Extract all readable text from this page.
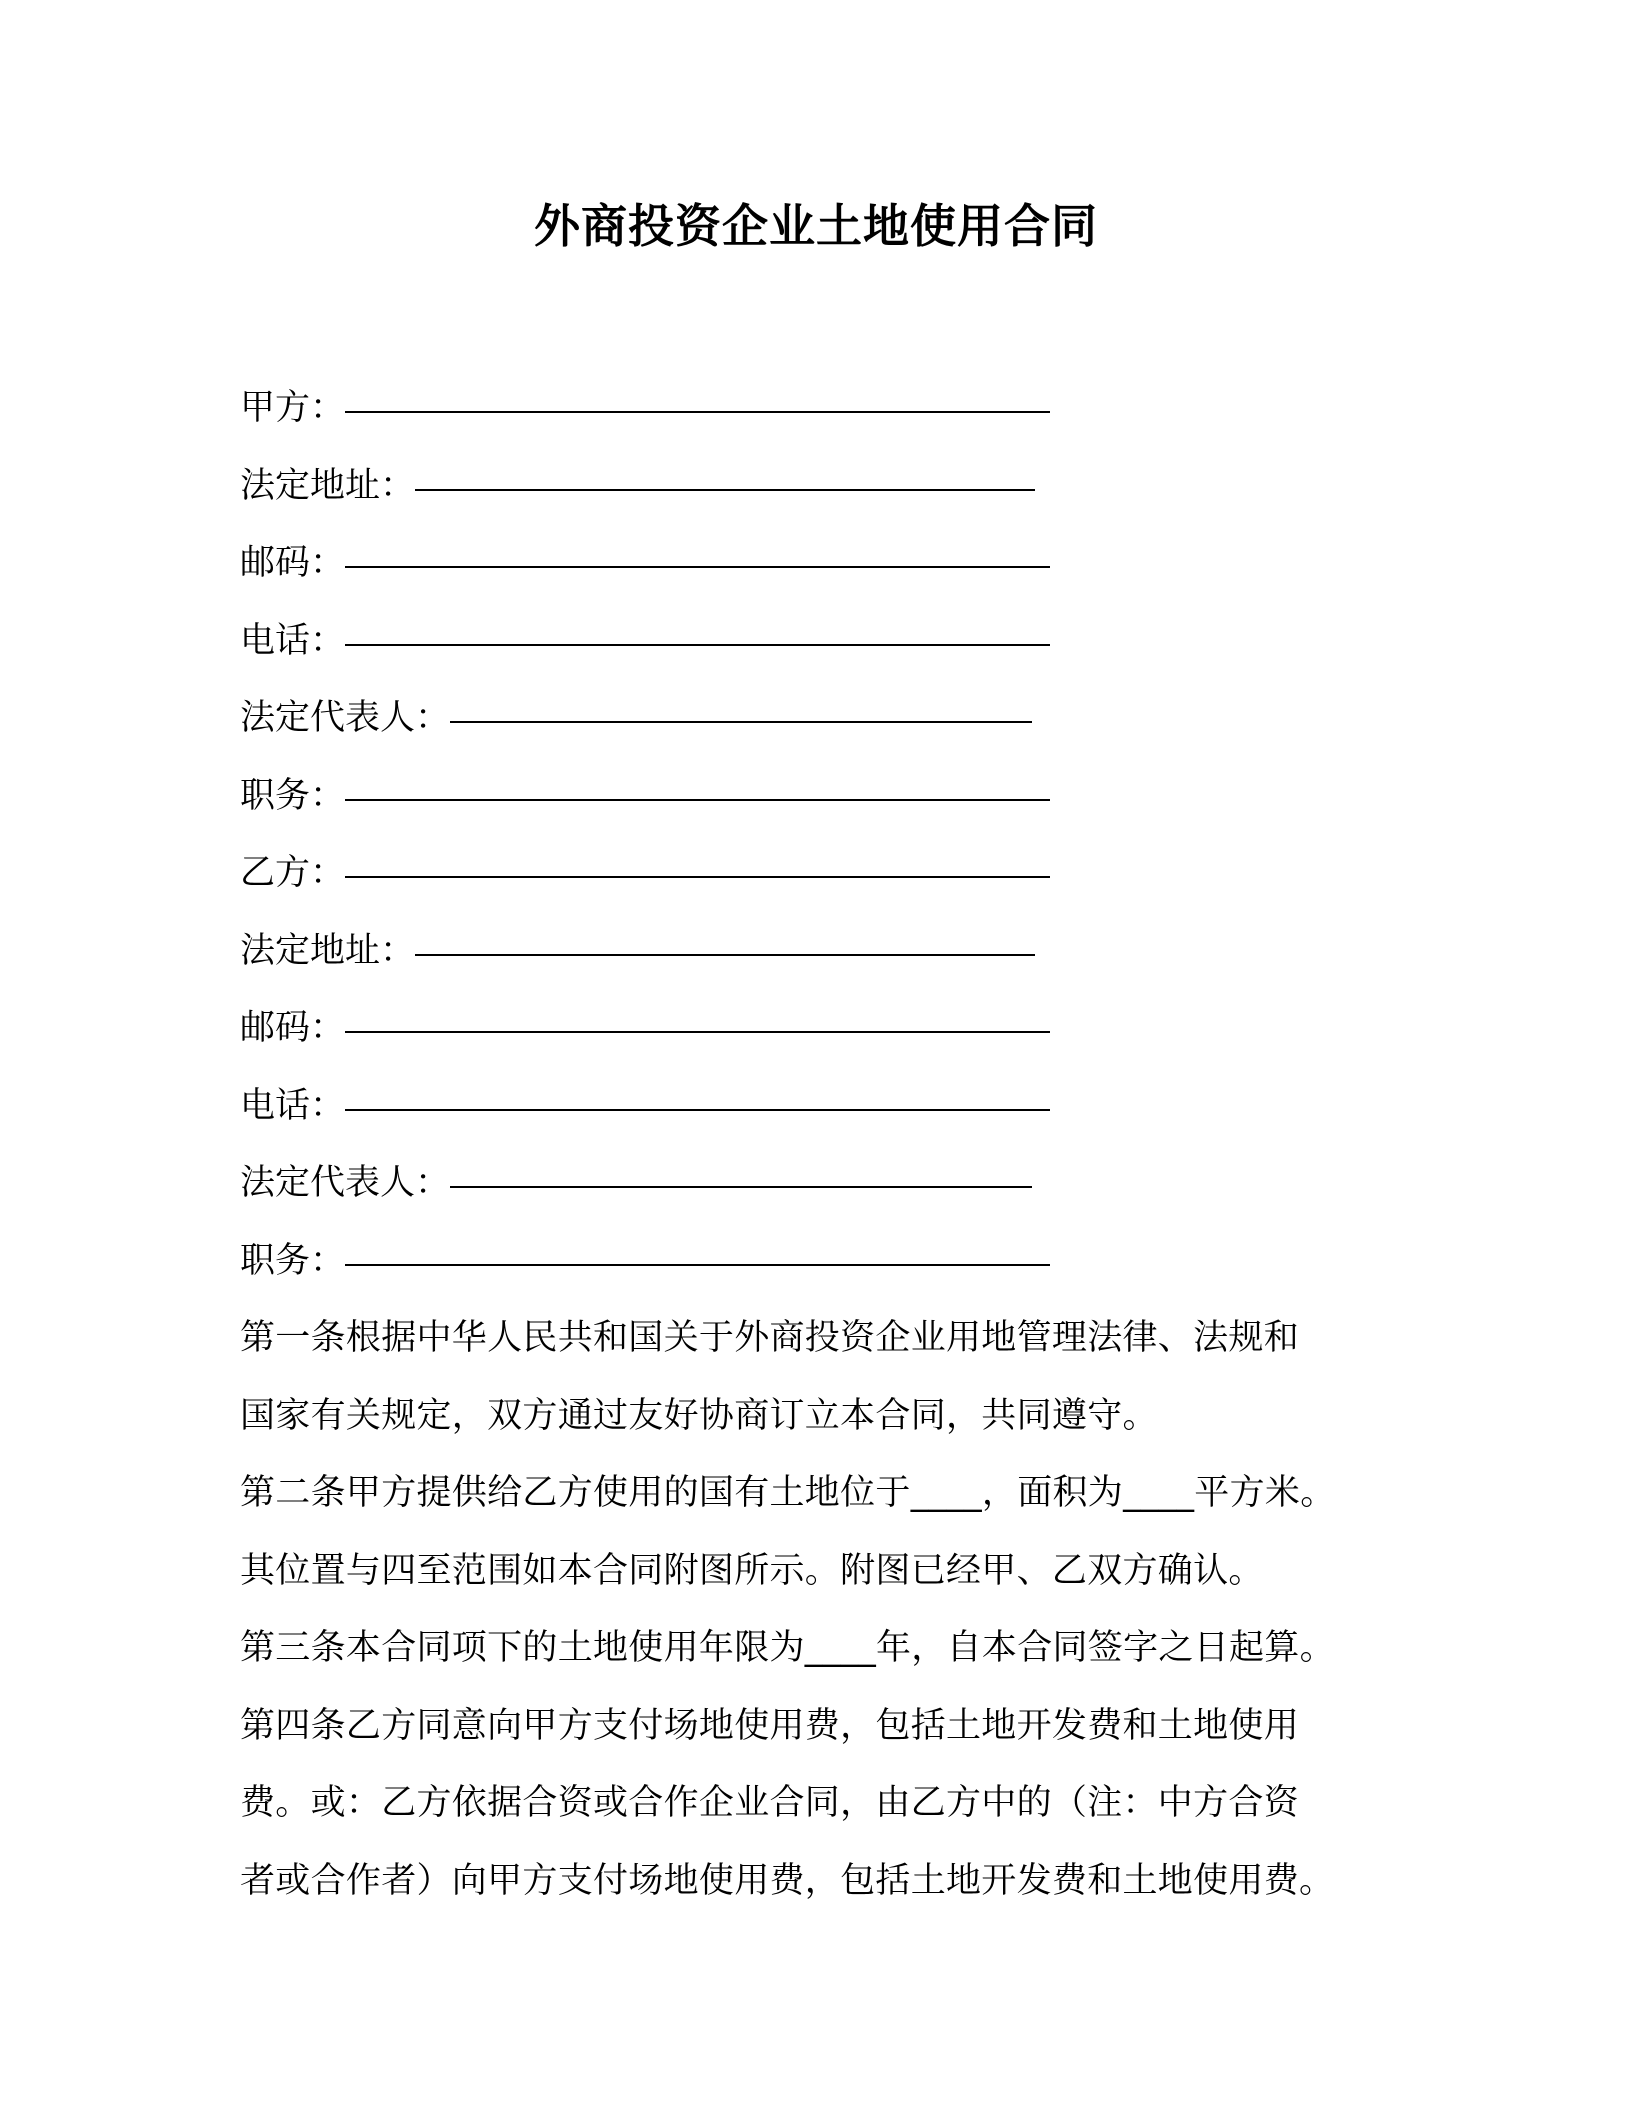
外商投资企业土地使用合同
甲方：
法定地址：
邮码：
电话：
法定代表人：
职务：
乙方：
法定地址：
邮码：
电话：
法定代表人：
职务：
第一条根据中华人民共和国关于外商投资企业用地管理法律、法规和
国家有关规定，双方通过友好协商订立本合同，共同遵守。
第二条甲方提供给乙方使用的国有土地位于____，面积为____平方米。
其位置与四至范围如本合同附图所示。附图已经甲、乙双方确认。
第三条本合同项下的土地使用年限为____年，自本合同签字之日起算。
第四条乙方同意向甲方支付场地使用费，包括土地开发费和土地使用
费。或：乙方依据合资或合作企业合同，由乙方中的（注：中方合资
者或合作者）向甲方支付场地使用费，包括土地开发费和土地使用费。
